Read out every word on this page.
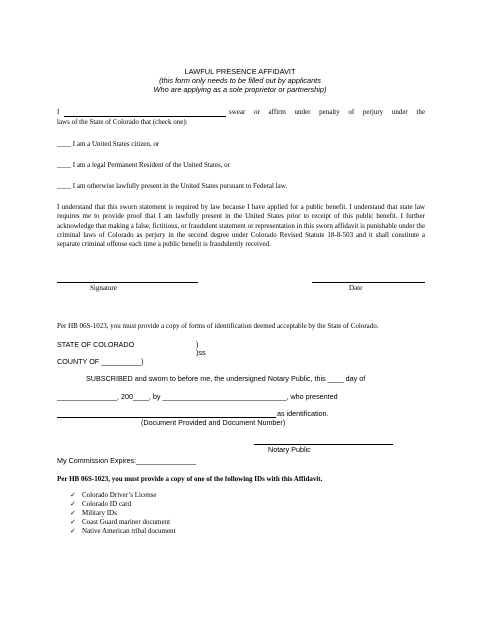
LAWFUL PRESENCE AFFIDAVIT
(this form only needs to be filled out by applicants
Who are applying as a sole proprietor or partnership)
I	swear or affirm under penalty of perjury under the
laws of the State of Colorado that (check one):
____ I am a United States citizen, or
____ I am a legal Permanent Resident of the United States, or
____ I am otherwise lawfully present in the United States pursuant to Federal law.
I understand that this sworn statement is required by law because I have applied for a public benefit. I understand that state law requires me to provide proof that I am lawfully present in the United States prior to receipt of this public benefit. I further acknowledge that making a false, fictitious, or fraudulent statement or representation in this sworn affidavit is punishable under the criminal laws of Colorado as perjury in the second degree under Colorado Revised Statute 18-8-503 and it shall constitute a separate criminal offense each time a public benefit is fraudulently received.
Signature	Date
Per HB 06S-1023, you must provide a copy of forms of identification deemed acceptable by the State of Colorado.
STATE OF COLORADO	)
)ss
COUNTY OF __________)
SUBSCRIBED and sworn to before me, the undersigned Notary Public, this ____ day of
_______________, 200____, by _______________________________, who presented
as identification.
(Document Provided and Document Number)
Notary Public
My Commission Expires:_______________
Per HB 06S-1023, you must provide a copy of one of the following IDs with this Affidavit.
✓ Colorado Driver’s License
✓ Colorado ID card
✓ Military IDs
✓ Coast Guard mariner document
✓ Native American tribal document
